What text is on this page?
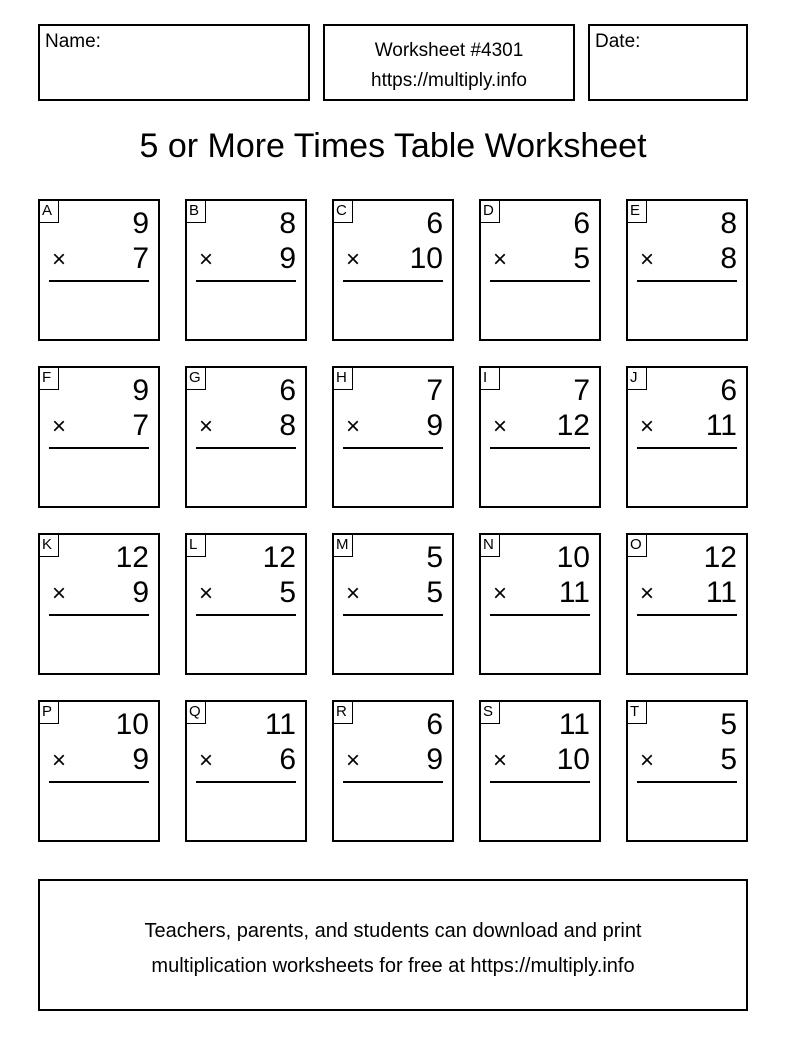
Name:	Worksheet #4301
https://multiply.info
Date:
5 or More Times Table Worksheet
A	9
× 7
B	8
× 9
C	6
× 10
D	6
× 5
E	8
× 8
F	9
× 7
G	6
× 8
H	7
× 9
I	7
× 12
J	6
× 11
K 12
× 9
L 12
× 5
M	5
× 5
N 10
× 11
O 12
× 11
P 10
× 9
Q 11
× 6
R	6
× 9
S 11
× 10
T	5
× 5
Teachers, parents, and students can download and print
multiplication worksheets for free at https://multiply.info
